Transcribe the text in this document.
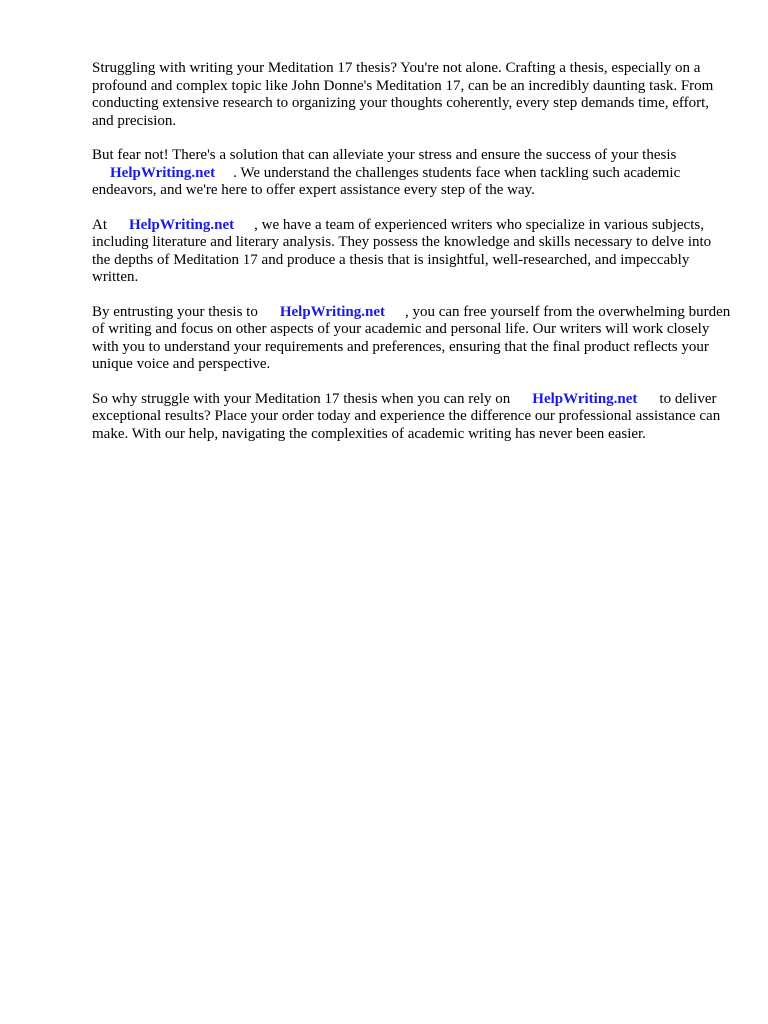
Struggling with writing your Meditation 17 thesis? You're not alone. Crafting a thesis, especially on a profound and complex topic like John Donne's Meditation 17, can be an incredibly daunting task. From conducting extensive research to organizing your thoughts coherently, every step demands time, effort, and precision.

But fear not! There's a solution that can alleviate your stress and ensure the success of your thesis
HelpWriting.net . We understand the challenges students face when tackling such academic endeavors, and we're here to offer expert assistance every step of the way.

At HelpWriting.net , we have a team of experienced writers who specialize in various subjects, including literature and literary analysis. They possess the knowledge and skills necessary to delve into the depths of Meditation 17 and produce a thesis that is insightful, well-researched, and impeccably written.

By entrusting your thesis to HelpWriting.net , you can free yourself from the overwhelming burden of writing and focus on other aspects of your academic and personal life. Our writers will work closely with you to understand your requirements and preferences, ensuring that the final product reflects your unique voice and perspective.

So why struggle with your Meditation 17 thesis when you can rely on HelpWriting.net to deliver exceptional results? Place your order today and experience the difference our professional assistance can make. With our help, navigating the complexities of academic writing has never been easier.
